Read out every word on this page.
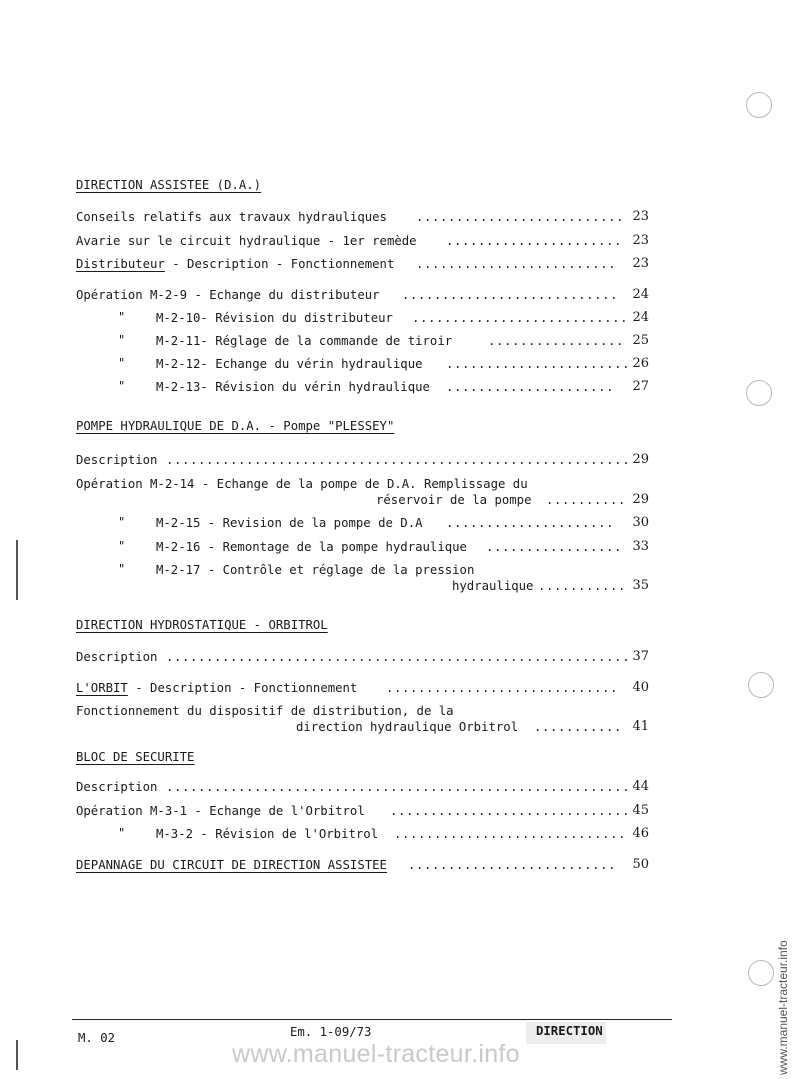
DIRECTION ASSISTEE (D.A.)
Conseils relatifs aux travaux hydrauliques .......................... 23
Avarie sur le circuit hydraulique - 1er remède ...................... 23
Distributeur - Description - Fonctionnement .........................	23
Opération M-2-9 - Echange du distributeur ...........................	24
"	M-2-10- Révision du distributeur ........................... 24
"	M-2-11- Réglage de la commande de tiroir	................. 25
"	M-2-12- Echange du vérin hydraulique ....................... 26
"	M-2-13- Révision du vérin hydraulique .....................	27
POMPE HYDRAULIQUE DE D.A. - Pompe "PLESSEY"
Description .......................................................... 29
Opération M-2-14 - Echange de la pompe de D.A. Remplissage du
réservoir de la pompe .......... 29
"	M-2-15 - Revision de la pompe de D.A .....................	30
"	M-2-16 - Remontage de la pompe hydraulique ................. 33
"	M-2-17 - Contrôle et réglage de la pression
hydraulique ........... 35
DIRECTION HYDROSTATIQUE - ORBITROL
Description .......................................................... 37
L'ORBIT - Description - Fonctionnement .............................	40
Fonctionnement du dispositif de distribution, de la
direction hydraulique Orbitrol ........... 41
BLOC DE SECURITE
Description .......................................................... 44
Opération M-3-1 - Echange de l'Orbitrol .............................. 45
"	M-3-2 - Révision de l'Orbitrol ............................. 46
DEPANNAGE DU CIRCUIT DE DIRECTION ASSISTEE ..........................	50
M. 02	Em. 1-09/73	DIRECTION
www.manuel-tracteur.info	www.manuel-tracteur.info
